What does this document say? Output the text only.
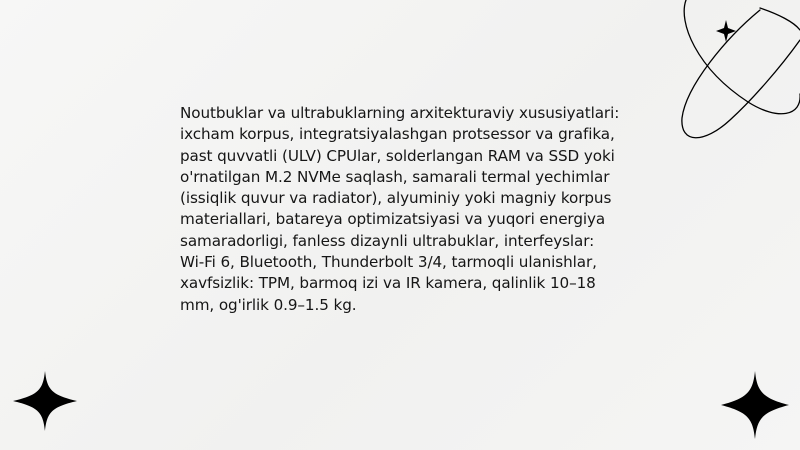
Noutbuklar va ultrabuklarning arxitekturaviy xususiyatlari: ixcham korpus, integratsiyalashgan protsessor va grafika, past quvvatli (ULV) CPUlar, solderlangan RAM va SSD yoki o'rnatilgan M.2 NVMe saqlash, samarali termal yechimlar (issiqlik quvur va radiator), alyuminiy yoki magniy korpus materiallari, batareya optimizatsiyasi va yuqori energiya samaradorligi, fanless dizaynli ultrabuklar, interfeyslar: Wi-Fi 6, Bluetooth, Thunderbolt 3/4, tarmoqli ulanishlar, xavfsizlik: TPM, barmoq izi va IR kamera, qalinlik 10–18 mm, og'irlik 0.9–1.5 kg.
